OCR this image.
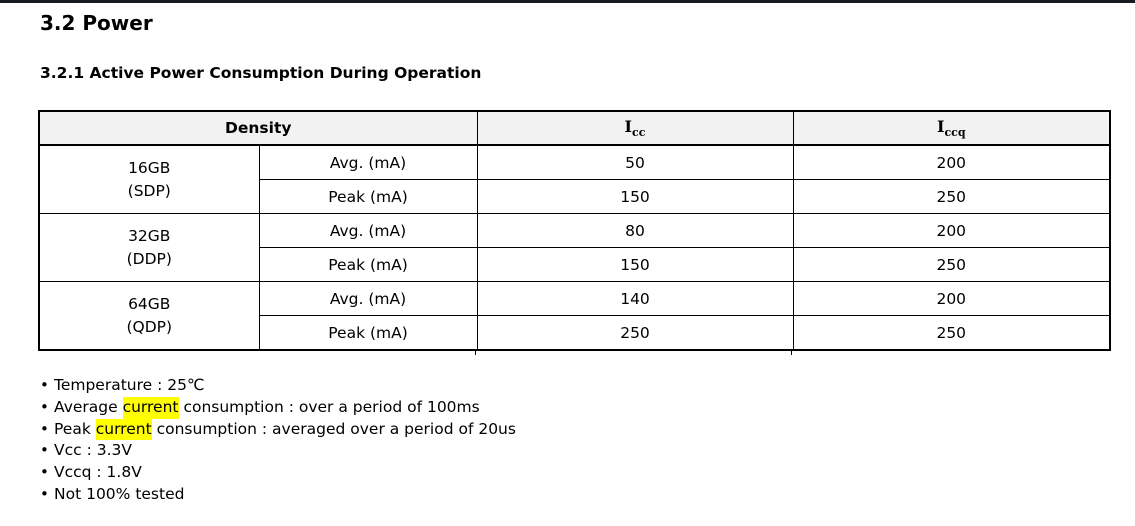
3.2 Power
3.2.1 Active Power Consumption During Operation
Density		$I_{cc}$	$I_{ccq}$

16GB
(SDP)	Avg. (mA)	50	200
	Peak (mA)	150	250

32GB
(DDP)	Avg. (mA)	80	200
	Peak (mA)	150	250

64GB
(QDP)	Avg. (mA)	140	200
	Peak (mA)	250	250
• Temperature : 25℃
• Average current consumption : over a period of 100ms
• Peak current consumption : averaged over a period of 20us
• Vcc : 3.3V
• Vccq : 1.8V
• Not 100% tested
